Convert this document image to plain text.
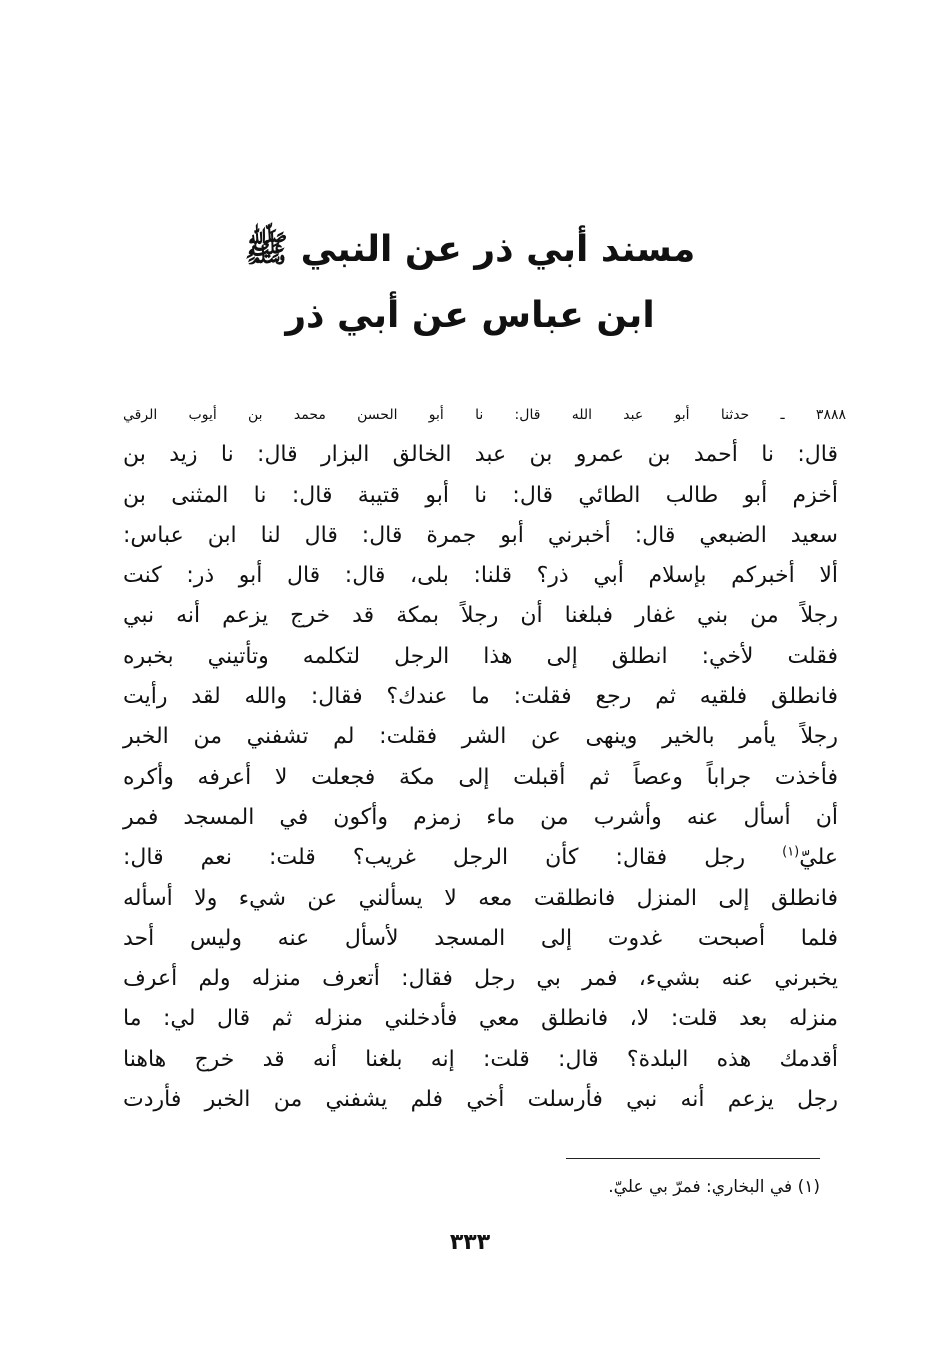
مسند أبي ذر عن النبي ﷺ
ابن عباس عن أبي ذر
٣٨٨٨ ـ حدثنا أبو عبد الله قال: نا أبو الحسن محمد بن أيوب الرقي
قال: نا أحمد بن عمرو بن عبد الخالق البزار قال: نا زيد بن
أخزم أبو طالب الطائي قال: نا أبو قتيبة قال: نا المثنى بن
سعيد الضبعي قال: أخبرني أبو جمرة قال: قال لنا ابن عباس:
ألا أخبركم بإسلام أبي ذر؟ قلنا: بلى، قال: قال أبو ذر: كنت
رجلاً من بني غفار فبلغنا أن رجلاً بمكة قد خرج يزعم أنه نبي
فقلت لأخي: انطلق إلى هذا الرجل لتكلمه وتأتيني بخبره
فانطلق فلقيه ثم رجع فقلت: ما عندك؟ فقال: والله لقد رأيت
رجلاً يأمر بالخير وينهى عن الشر فقلت: لم تشفني من الخبر
فأخذت جراباً وعصاً ثم أقبلت إلى مكة فجعلت لا أعرفه وأكره
أن أسأل عنه وأشرب من ماء زمزم وأكون في المسجد فمر
عليّ$^{(١)}$ رجل فقال: كأن الرجل غريب؟ قلت: نعم قال:
فانطلق إلى المنزل فانطلقت معه لا يسألني عن شيء ولا أسأله
فلما أصبحت غدوت إلى المسجد لأسأل عنه وليس أحد
يخبرني عنه بشيء، فمر بي رجل فقال: أتعرف منزله ولم أعرف
منزله بعد قلت: لا، فانطلق معي فأدخلني منزله ثم قال لي: ما
أقدمك هذه البلدة؟ قال: قلت: إنه بلغنا أنه قد خرج هاهنا
رجل يزعم أنه نبي فأرسلت أخي فلم يشفني من الخبر فأردت
(١) في البخاري: فمرّ بي عليّ.
٣٣٣
